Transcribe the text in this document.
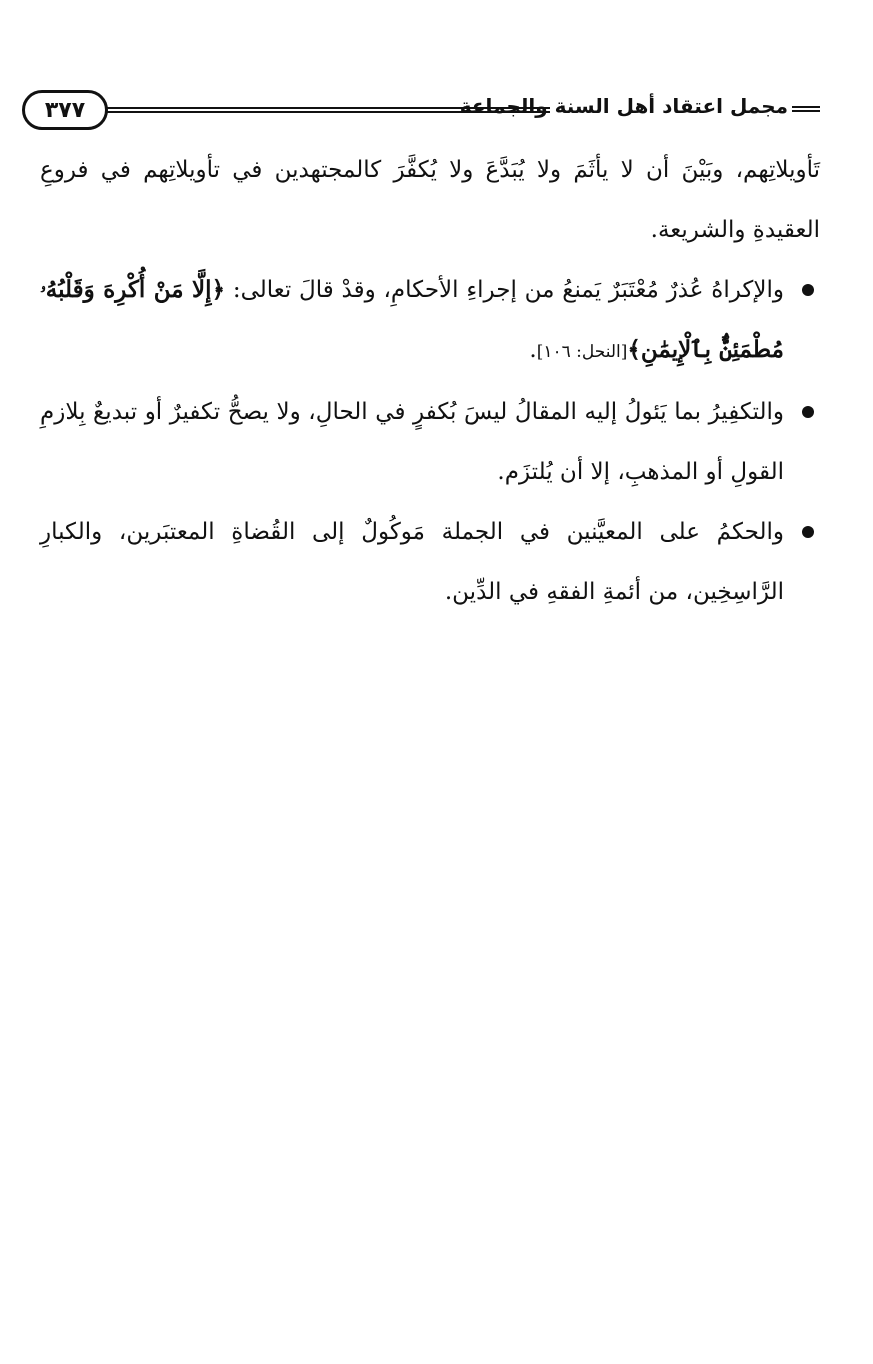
٣٧٧	مجمل اعتقاد أهل السنة والجماعة

تَأويلاتِهم، وبَيْنَ أن لا يأثَمَ ولا يُبَدَّعَ ولا يُكفَّرَ كالمجتهدين في تأويلاتِهم في فروعِ العقيدةِ والشريعة.

والإكراهُ عُذرٌ مُعْتَبَرٌ يَمنعُ من إجراءِ الأحكامِ، وقدْ قالَ تعالى: ﴿إِلَّا مَنْ أُكْرِهَ وَقَلْبُهُۥ مُطْمَئِنٌّۢ بِٱلْإِيمَٰنِ﴾[النحل: ١٠٦].

والتكفِيرُ بما يَئولُ إليه المقالُ ليسَ بُكفرٍ في الحالِ، ولا يصحُّ تكفيرٌ أو تبديعٌ بِلازمِ القولِ أو المذهبِ، إلا أن يُلتزَم.

والحكمُ على المعيَّنين في الجملة مَوكُولٌ إلى القُضاةِ المعتبَرين، والكبارِ الرَّاسِخِين، من أئمةِ الفقهِ في الدِّين.
